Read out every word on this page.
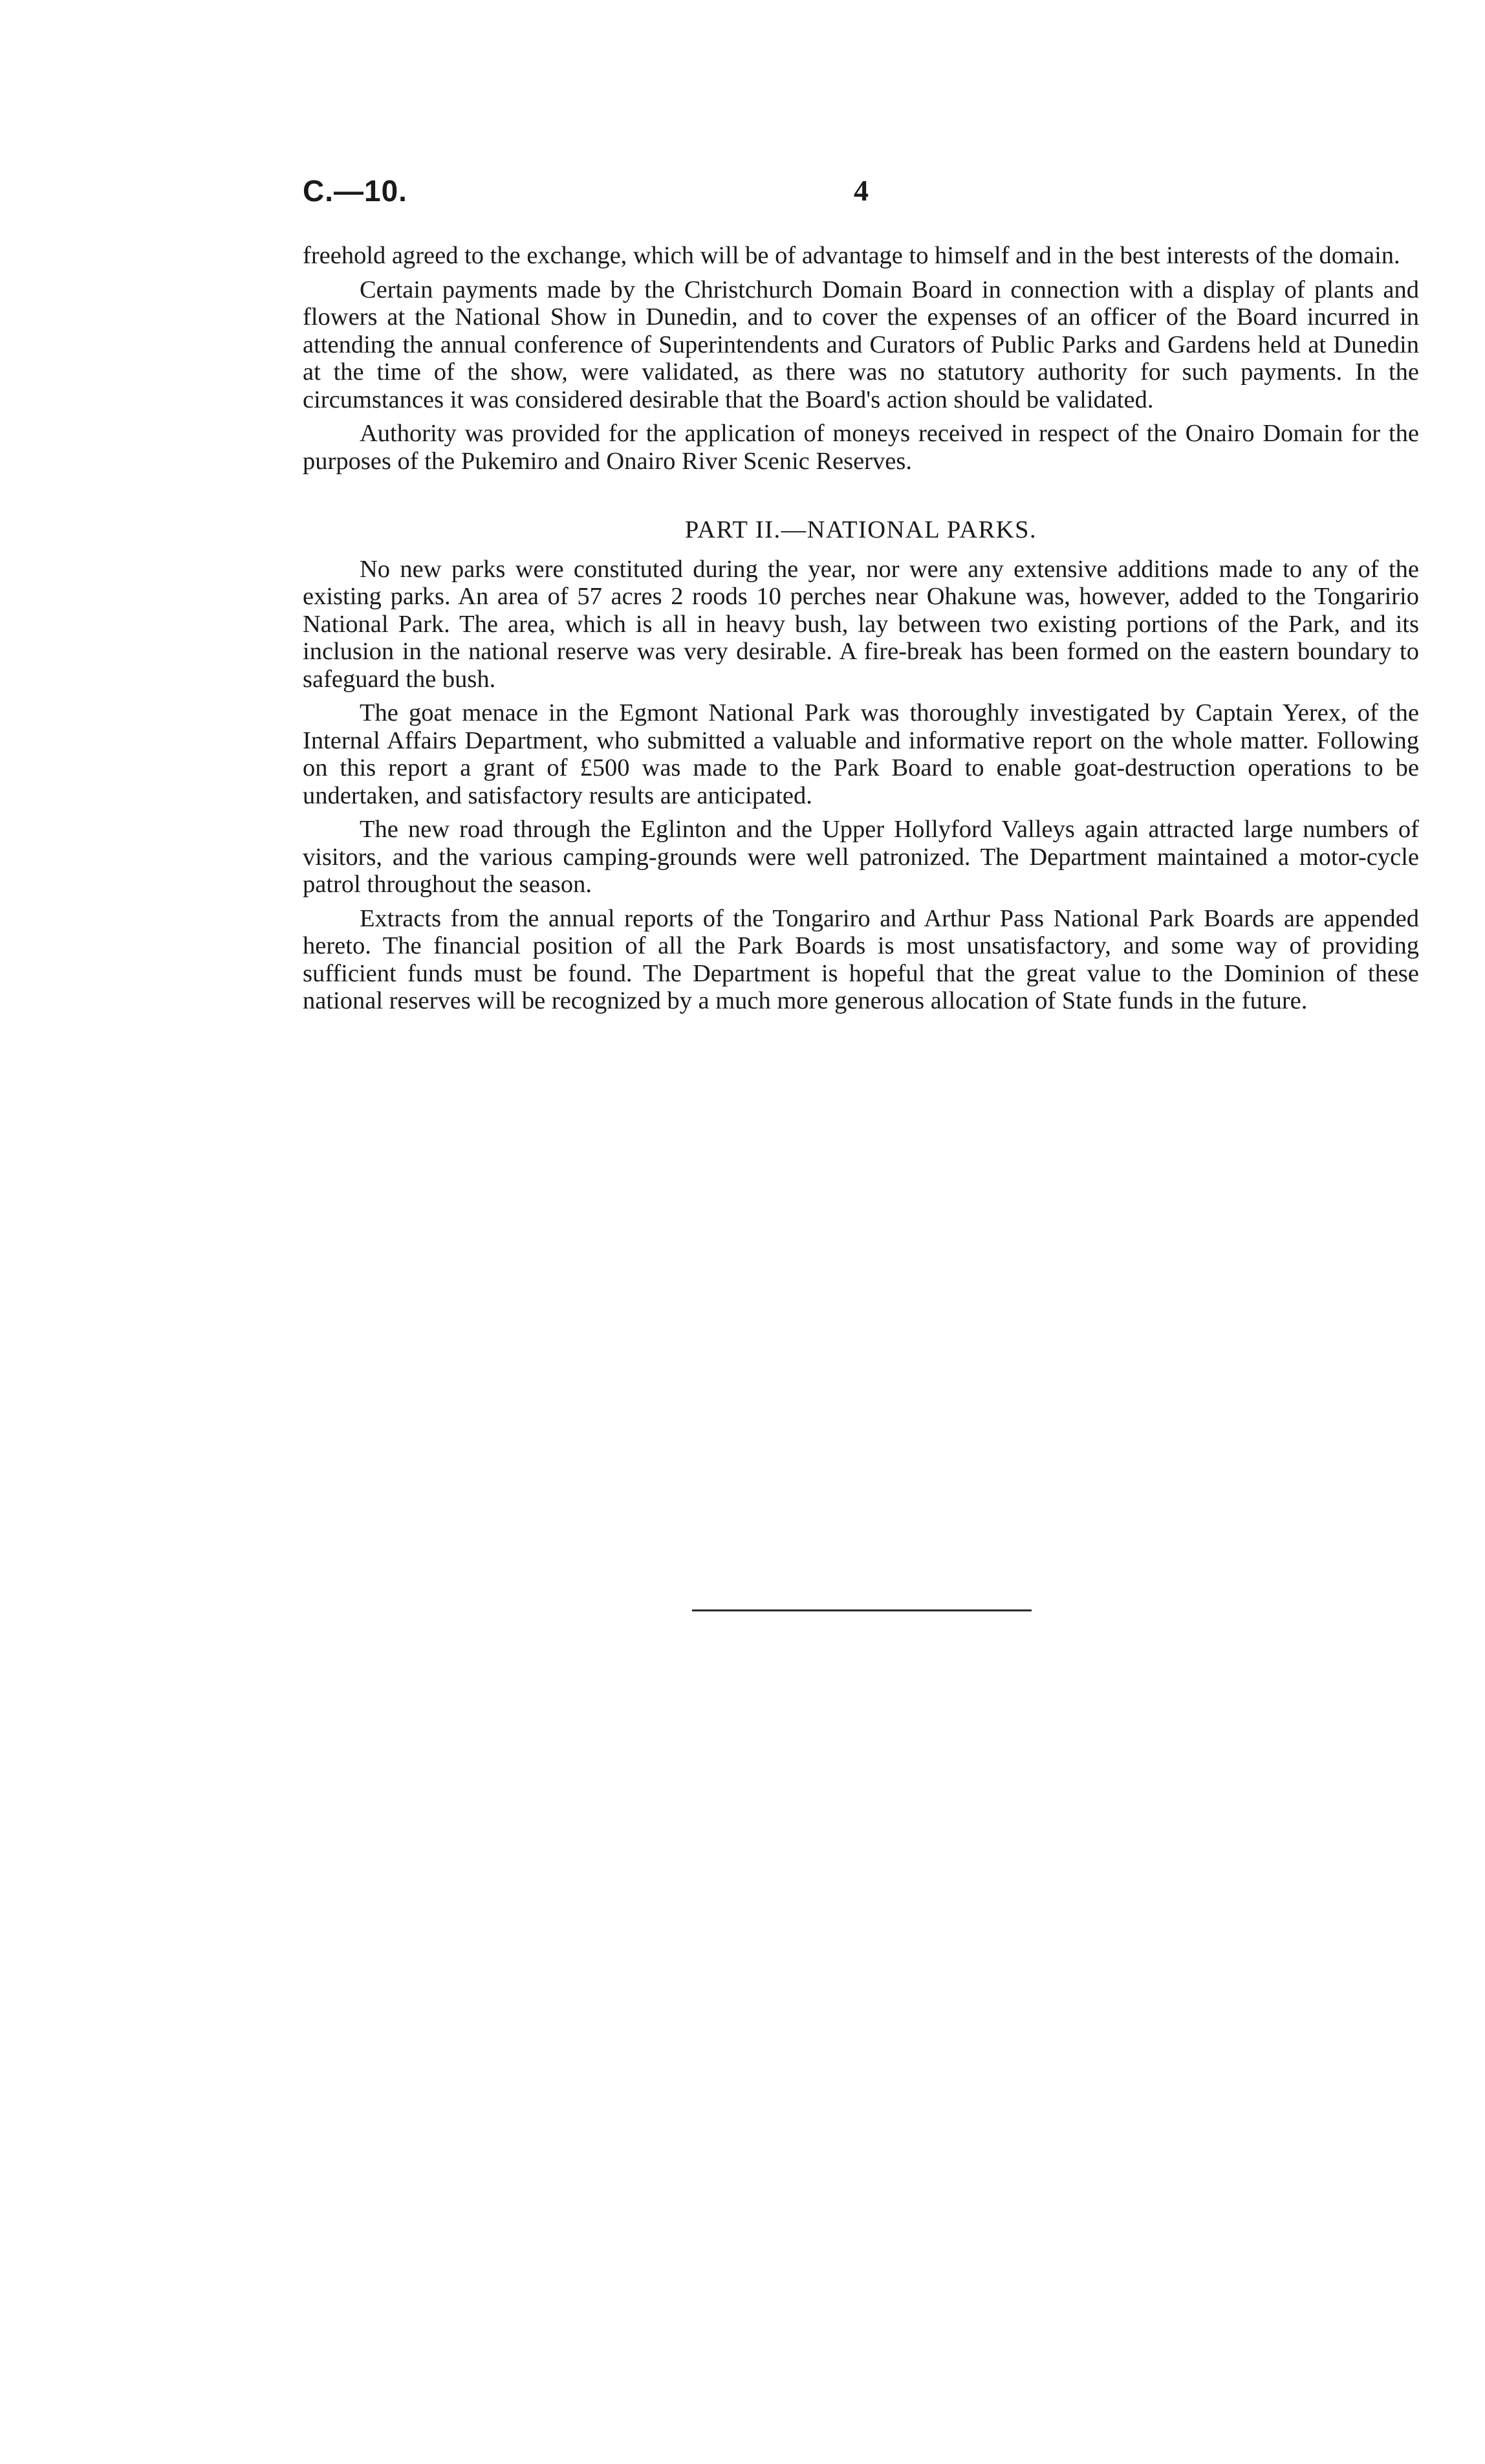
C.—10.	4

freehold agreed to the exchange, which will be of advantage to himself and in the best interests of the domain.

Certain payments made by the Christchurch Domain Board in connection with a display of plants and flowers at the National Show in Dunedin, and to cover the expenses of an officer of the Board incurred in attending the annual conference of Superintendents and Curators of Public Parks and Gardens held at Dunedin at the time of the show, were validated, as there was no statutory authority for such payments. In the circumstances it was considered desirable that the Board's action should be validated.

Authority was provided for the application of moneys received in respect of the Onairo Domain for the purposes of the Pukemiro and Onairo River Scenic Reserves.

PART II.—NATIONAL PARKS.

No new parks were constituted during the year, nor were any extensive additions made to any of the existing parks. An area of 57 acres 2 roods 10 perches near Ohakune was, however, added to the Tongaririo National Park. The area, which is all in heavy bush, lay between two existing portions of the Park, and its inclusion in the national reserve was very desirable. A fire-break has been formed on the eastern boundary to safeguard the bush.

The goat menace in the Egmont National Park was thoroughly investigated by Captain Yerex, of the Internal Affairs Department, who submitted a valuable and informative report on the whole matter. Following on this report a grant of £500 was made to the Park Board to enable goat-destruction operations to be undertaken, and satisfactory results are anticipated.

The new road through the Eglinton and the Upper Hollyford Valleys again attracted large numbers of visitors, and the various camping-grounds were well patronized. The Department maintained a motor-cycle patrol throughout the season.

Extracts from the annual reports of the Tongariro and Arthur Pass National Park Boards are appended hereto. The financial position of all the Park Boards is most unsatisfactory, and some way of providing sufficient funds must be found. The Department is hopeful that the great value to the Dominion of these national reserves will be recognized by a much more generous allocation of State funds in the future.
